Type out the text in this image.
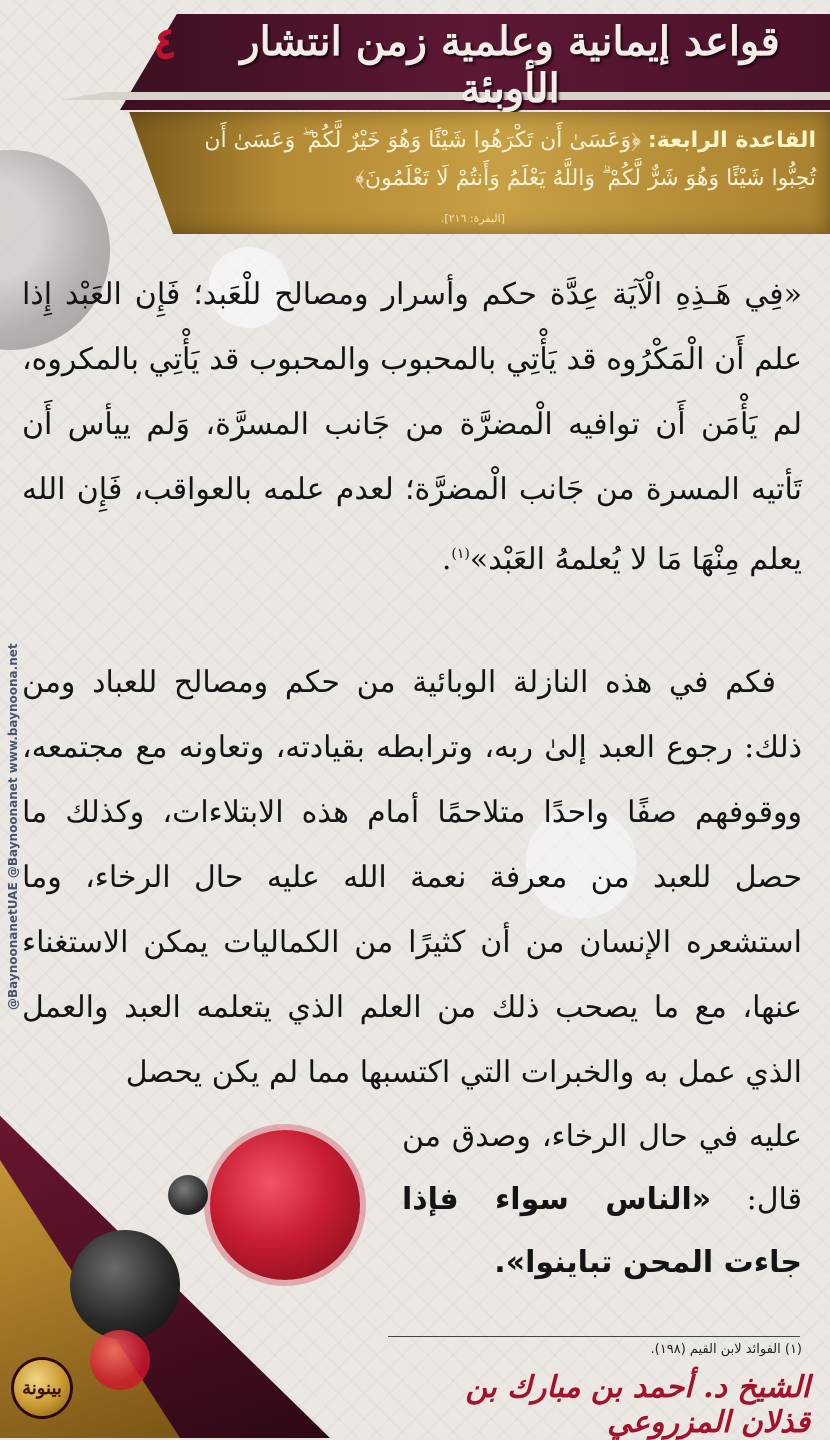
قواعد إيمانية وعلمية زمن انتشار الأوبئة
٤
القاعدة الرابعة: ﴿وَعَسَىٰ أَن تَكْرَهُوا شَيْئًا وَهُوَ خَيْرٌ لَّكُمْ ۖ وَعَسَىٰ أَن تُحِبُّوا شَيْئًا وَهُوَ شَرٌّ لَّكُمْ ۗ وَاللَّهُ يَعْلَمُ وَأَنتُمْ لَا تَعْلَمُونَ﴾
[البقرة: ٢١٦].
@BaynoonanetUAE @Baynoonanet www.baynoona.net

«فِي هَـذِهِ الْآيَة عِدَّة حكم وأسرار ومصالح للْعَبد؛ فَإِن العَبْد إِذا علم أَن الْمَكْرُوه قد يَأْتِي بالمحبوب والمحبوب قد يَأْتِي بالمكروه، لم يَأْمَن أَن توافيه الْمضرَّة من جَانب المسرَّة، وَلم ييأس أَن تَأتيه المسرة من جَانب الْمضرَّة؛ لعدم علمه بالعواقب، فَإِن الله يعلم مِنْهَا مَا لا يُعلمهُ العَبْد»$^{(١)}$.

فكم في هذه النازلة الوبائية من حكم ومصالح للعباد ومن ذلك: رجوع العبد إلىٰ ربه، وترابطه بقيادته، وتعاونه مع مجتمعه، ووقوفهم صفًا واحدًا متلاحمًا أمام هذه الابتلاءات، وكذلك ما حصل للعبد من معرفة نعمة الله عليه حال الرخاء، وما استشعره الإنسان من أن كثيرًا من الكماليات يمكن الاستغناء عنها، مع ما يصحب ذلك من العلم الذي يتعلمه العبد والعمل الذي عمل به والخبرات التي اكتسبها مما لم يكن يحصل
عليه في حال الرخاء، وصدق من قال: «الناس سواء فإذا جاءت المحن تباينوا».
بينونة
(١) الفوائد لابن القيم (١٩٨).
الشيخ د. أحمد بن مبارك بن قذلان المزروعي
